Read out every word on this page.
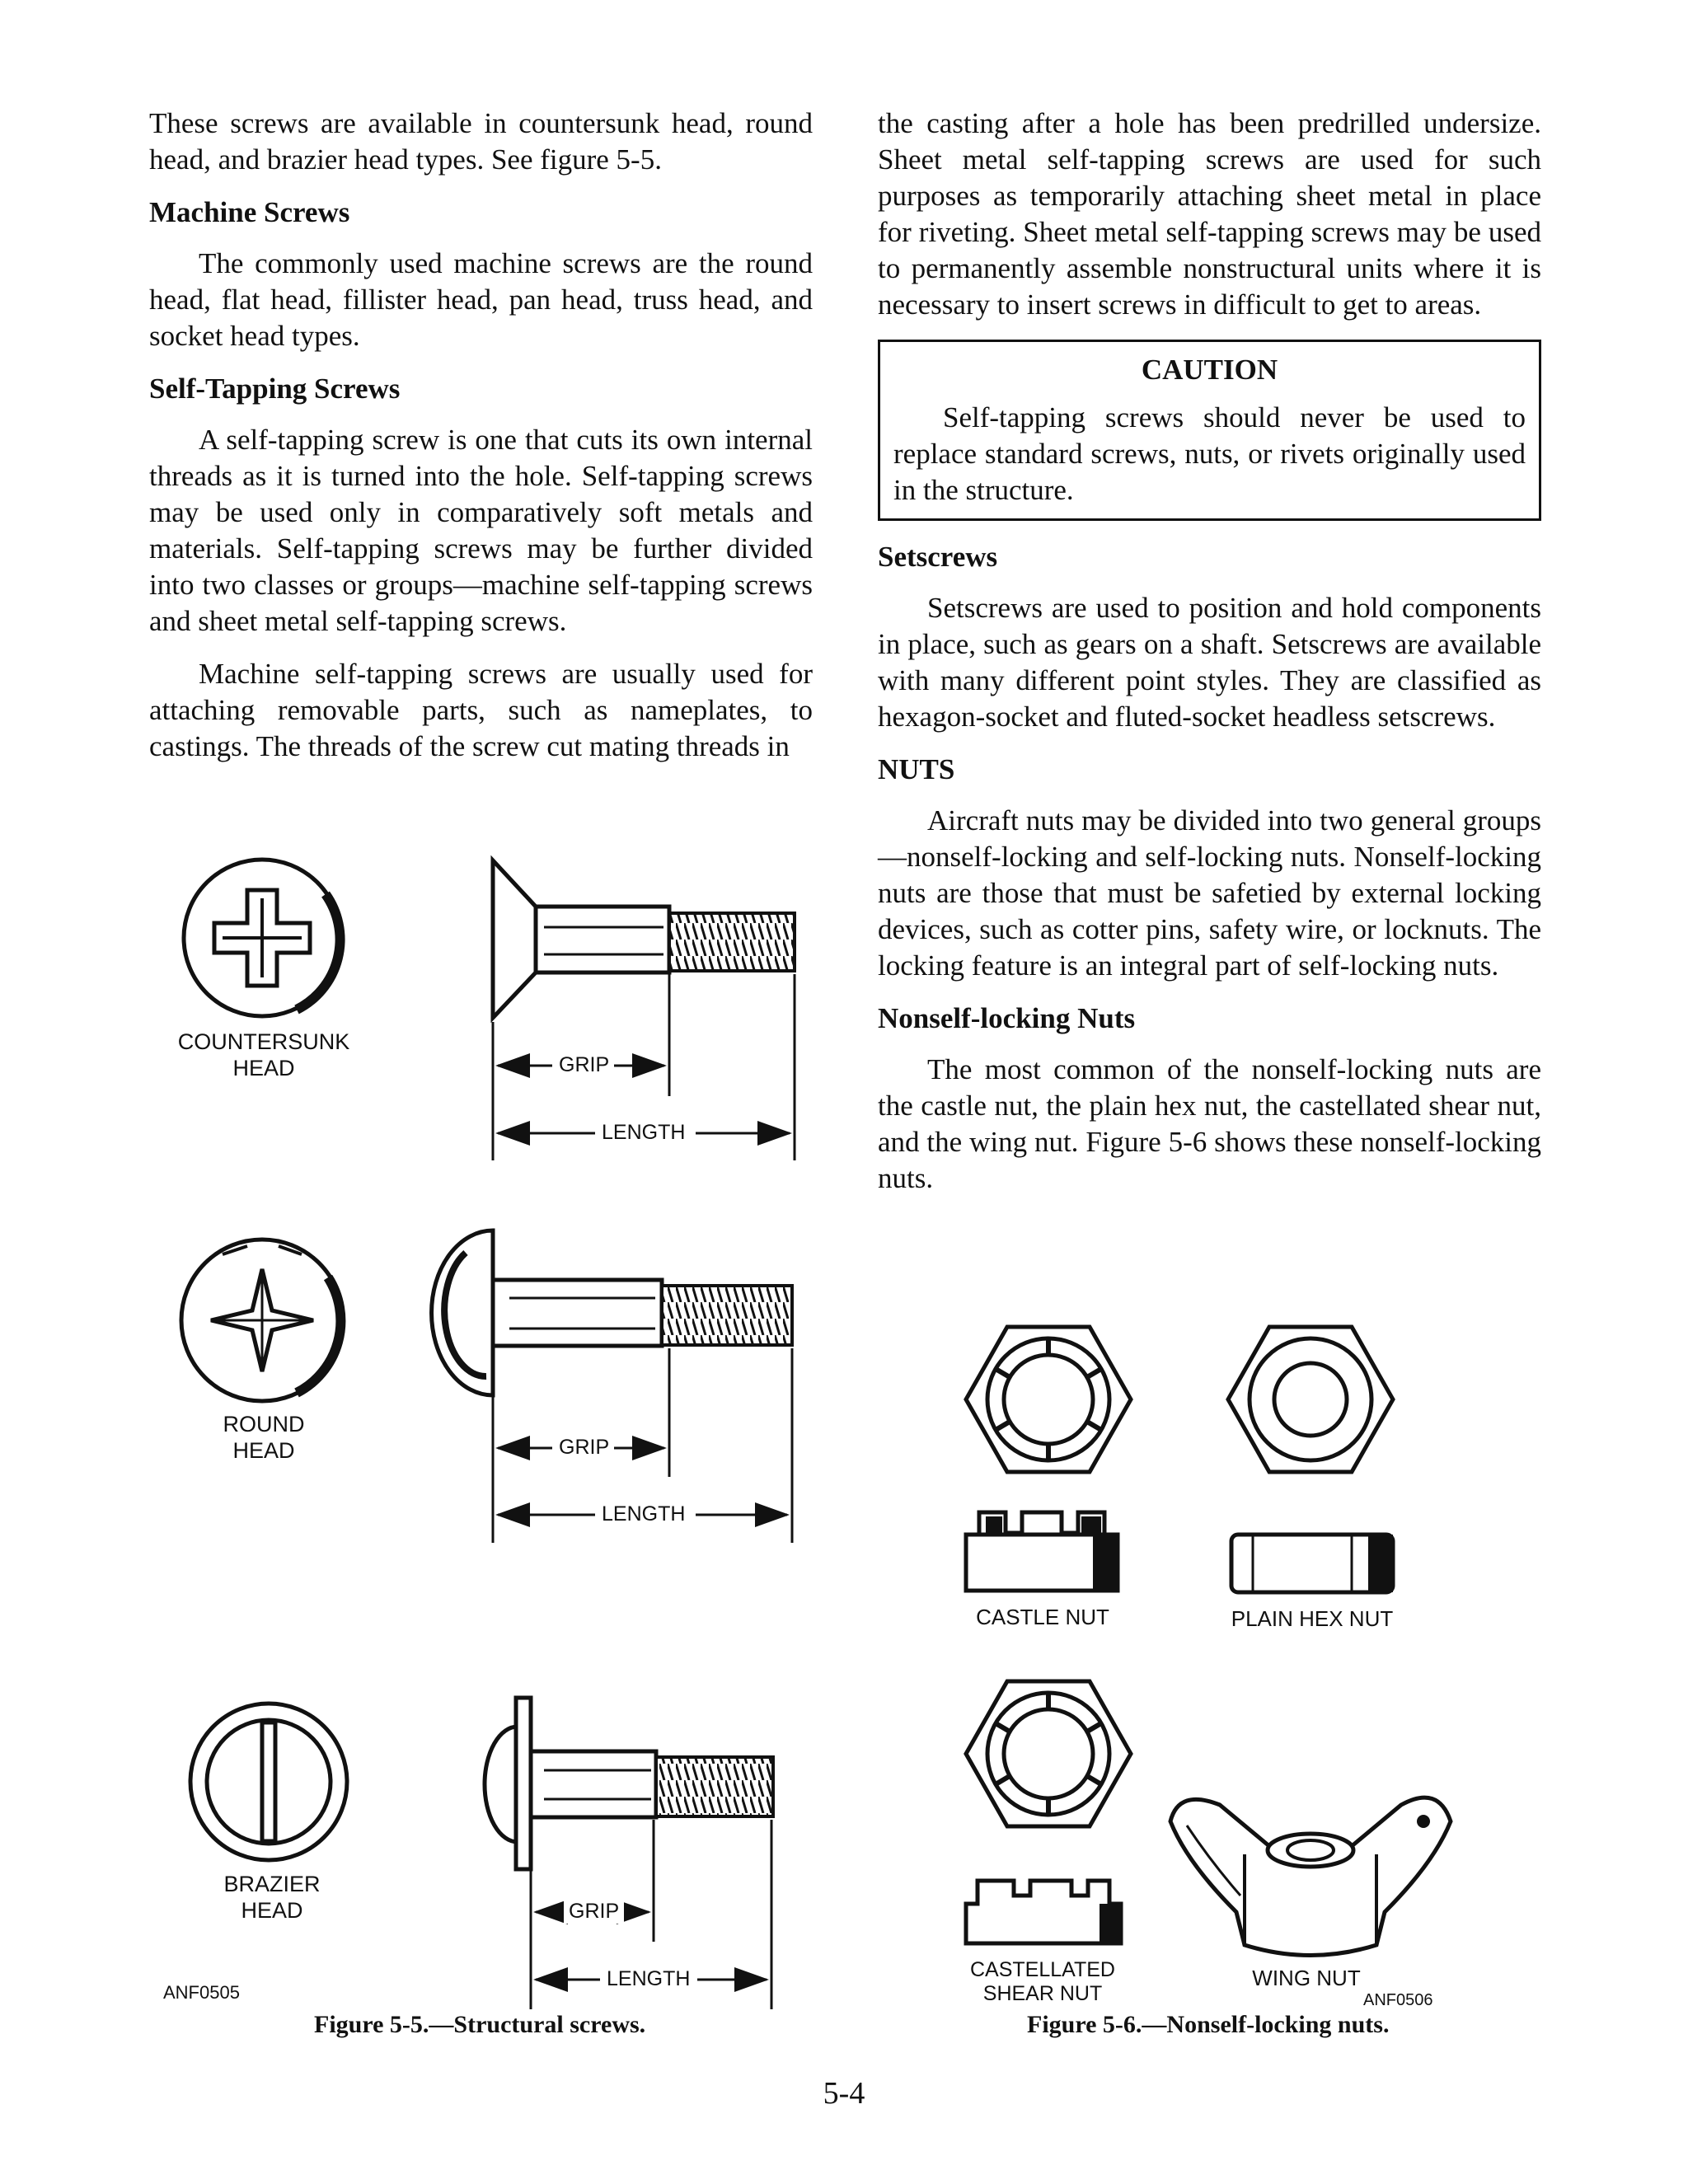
These screws are available in countersunk head, round head, and brazier head types. See figure 5-5.

Machine Screws

The commonly used machine screws are the round head, flat head, fillister head, pan head, truss head, and socket head types.

Self-Tapping Screws

A self-tapping screw is one that cuts its own internal threads as it is turned into the hole. Self-tapping screws may be used only in comparatively soft metals and materials. Self-tapping screws may be further divided into two classes or groups—machine self-tapping screws and sheet metal self-tapping screws.

Machine self-tapping screws are usually used for attaching removable parts, such as nameplates, to castings. The threads of the screw cut mating threads in

the casting after a hole has been predrilled undersize. Sheet metal self-tapping screws are used for such purposes as temporarily attaching sheet metal in place for riveting. Sheet metal self-tapping screws may be used to permanently assemble nonstructural units where it is necessary to insert screws in difficult to get to areas.

CAUTION

Self-tapping screws should never be used to replace standard screws, nuts, or rivets originally used in the structure.

Setscrews

Setscrews are used to position and hold components in place, such as gears on a shaft. Setscrews are available with many different point styles. They are classified as hexagon-socket and fluted-socket headless setscrews.

NUTS

Aircraft nuts may be divided into two general groups—nonself-locking and self-locking nuts. Nonself-locking nuts are those that must be safetied by external locking devices, such as cotter pins, safety wire, or locknuts. The locking feature is an integral part of self-locking nuts.

Nonself-locking Nuts

The most common of the nonself-locking nuts are the castle nut, the plain hex nut, the castellated shear nut, and the wing nut. Figure 5-6 shows these nonself-locking nuts.

COUNTERSUNK
HEAD
ROUND
HEAD
BRAZIER
HEAD
GRIP
LENGTH
GRIP
LENGTH
GRIP
LENGTH
ANF0505
Figure 5-5.—Structural screws.
CASTLE NUT	PLAIN HEX NUT
CASTELLATED
SHEAR NUT
WING NUT
ANF0506
Figure 5-6.—Nonself-locking nuts.
5-4
